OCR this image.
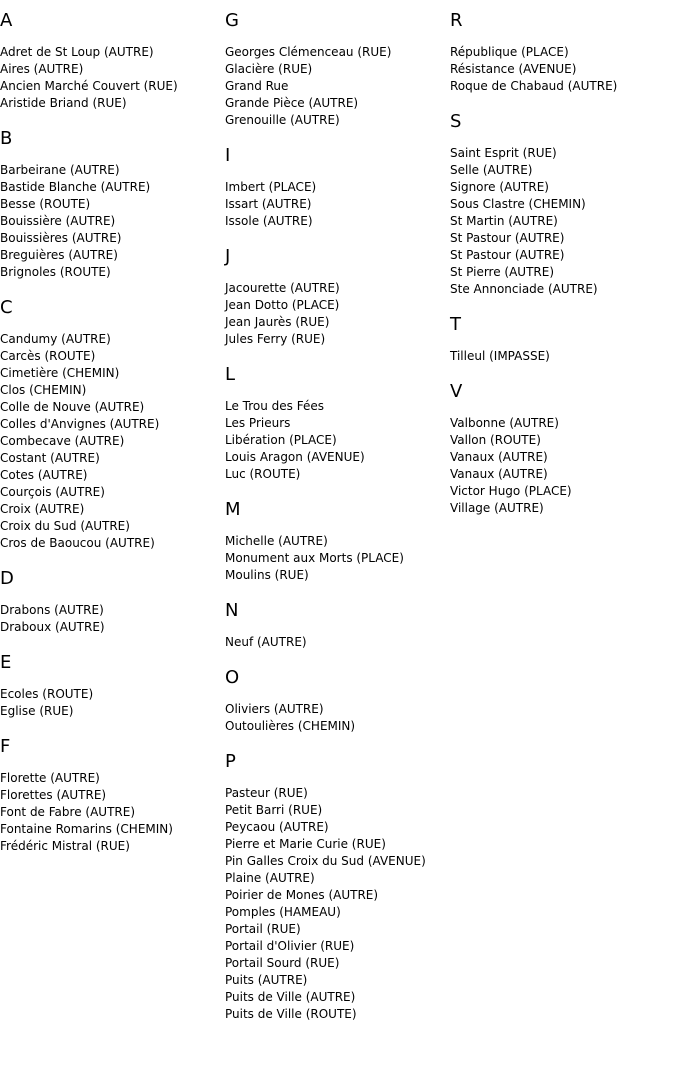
A
Adret de St Loup (AUTRE)
Aires (AUTRE)
Ancien Marché Couvert (RUE)
Aristide Briand (RUE)
B
Barbeirane (AUTRE)
Bastide Blanche (AUTRE)
Besse (ROUTE)
Bouissière (AUTRE)
Bouissières (AUTRE)
Breguières (AUTRE)
Brignoles (ROUTE)
C
Candumy (AUTRE)
Carcès (ROUTE)
Cimetière (CHEMIN)
Clos (CHEMIN)
Colle de Nouve (AUTRE)
Colles d'Anvignes (AUTRE)
Combecave (AUTRE)
Costant (AUTRE)
Cotes (AUTRE)
Courçois (AUTRE)
Croix (AUTRE)
Croix du Sud (AUTRE)
Cros de Baoucou (AUTRE)
D
Drabons (AUTRE)
Draboux (AUTRE)
E
Ecoles (ROUTE)
Eglise (RUE)
F
Florette (AUTRE)
Florettes (AUTRE)
Font de Fabre (AUTRE)
Fontaine Romarins (CHEMIN)
Frédéric Mistral (RUE)
G
Georges Clémenceau (RUE)
Glacière (RUE)
Grand Rue
Grande Pièce (AUTRE)
Grenouille (AUTRE)
I
Imbert (PLACE)
Issart (AUTRE)
Issole (AUTRE)
J
Jacourette (AUTRE)
Jean Dotto (PLACE)
Jean Jaurès (RUE)
Jules Ferry (RUE)
L
Le Trou des Fées
Les Prieurs
Libération (PLACE)
Louis Aragon (AVENUE)
Luc (ROUTE)
M
Michelle (AUTRE)
Monument aux Morts (PLACE)
Moulins (RUE)
N
Neuf (AUTRE)
O
Oliviers (AUTRE)
Outoulières (CHEMIN)
P
Pasteur (RUE)
Petit Barri (RUE)
Peycaou (AUTRE)
Pierre et Marie Curie (RUE)
Pin Galles Croix du Sud (AVENUE)
Plaine (AUTRE)
Poirier de Mones (AUTRE)
Pomples (HAMEAU)
Portail (RUE)
Portail d'Olivier (RUE)
Portail Sourd (RUE)
Puits (AUTRE)
Puits de Ville (AUTRE)
Puits de Ville (ROUTE)
R
République (PLACE)
Résistance (AVENUE)
Roque de Chabaud (AUTRE)
S
Saint Esprit (RUE)
Selle (AUTRE)
Signore (AUTRE)
Sous Clastre (CHEMIN)
St Martin (AUTRE)
St Pastour (AUTRE)
St Pastour (AUTRE)
St Pierre (AUTRE)
Ste Annonciade (AUTRE)
T
Tilleul (IMPASSE)
V
Valbonne (AUTRE)
Vallon (ROUTE)
Vanaux (AUTRE)
Vanaux (AUTRE)
Victor Hugo (PLACE)
Village (AUTRE)
